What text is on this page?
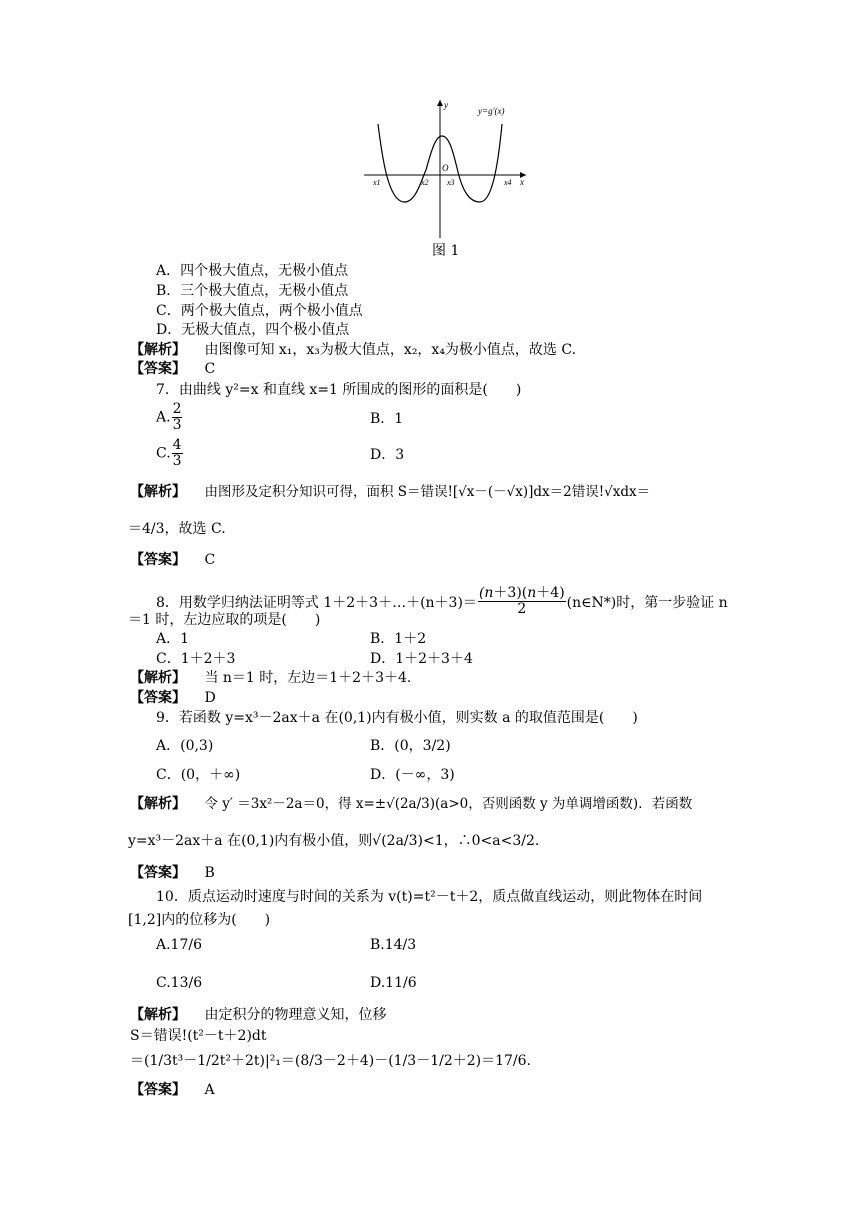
y
y=g′(x)
O
x
x1	x2 x3	x4
图 1
A．四个极大值点，无极小值点
B．三个极大值点，无极小值点
C．两个极大值点，两个极小值点
D．无极大值点，四个极小值点
【解析】 由图像可知 x₁，x₃为极大值点，x₂，x₄为极小值点，故选 C.
【答案】 C
7．由曲线 y²=x 和直线 x=1 所围成的图形的面积是(　　)
A. $\frac{2}{3}$	B．1
C. $\frac{4}{3}$	D．3
【解析】 由图形及定积分知识可得，面积 S＝错误![√x－(－√x)]dx＝2错误!√xdx＝
＝4/3，故选 C.
【答案】 C
8．用数学归纳法证明等式 1＋2＋3＋…＋(n＋3)＝ $\frac{(n+3)(n+4)}{2}$ (n∈N*)时，第一步验证 n
＝1 时，左边应取的项是(　　)
A．1	B．1＋2
C．1＋2＋3	D．1＋2＋3＋4
【解析】 当 n＝1 时，左边＝1＋2＋3＋4.
【答案】 D
9．若函数 y=x³－2ax＋a 在(0,1)内有极小值，则实数 a 的取值范围是(　　)
A．(0,3)	B．(0，3/2)
C．(0，＋∞)	D．(－∞，3)
【解析】 令 y′ ＝3x²－2a＝0，得 x=±√(2a/3)(a>0，否则函数 y 为单调增函数)．若函数
y=x³－2ax＋a 在(0,1)内有极小值，则√(2a/3)<1，∴0<a<3/2.
【答案】 B
10．质点运动时速度与时间的关系为 v(t)=t²－t＋2，质点做直线运动，则此物体在时间
[1,2]内的位移为(　　)
A.17/6	B.14/3
C.13/6	D.11/6
【解析】 由定积分的物理意义知，位移
S＝错误!(t²－t＋2)dt
＝(1/3t³－1/2t²＋2t)|²₁＝(8/3－2＋4)－(1/3－1/2＋2)＝17/6.
【答案】 A
